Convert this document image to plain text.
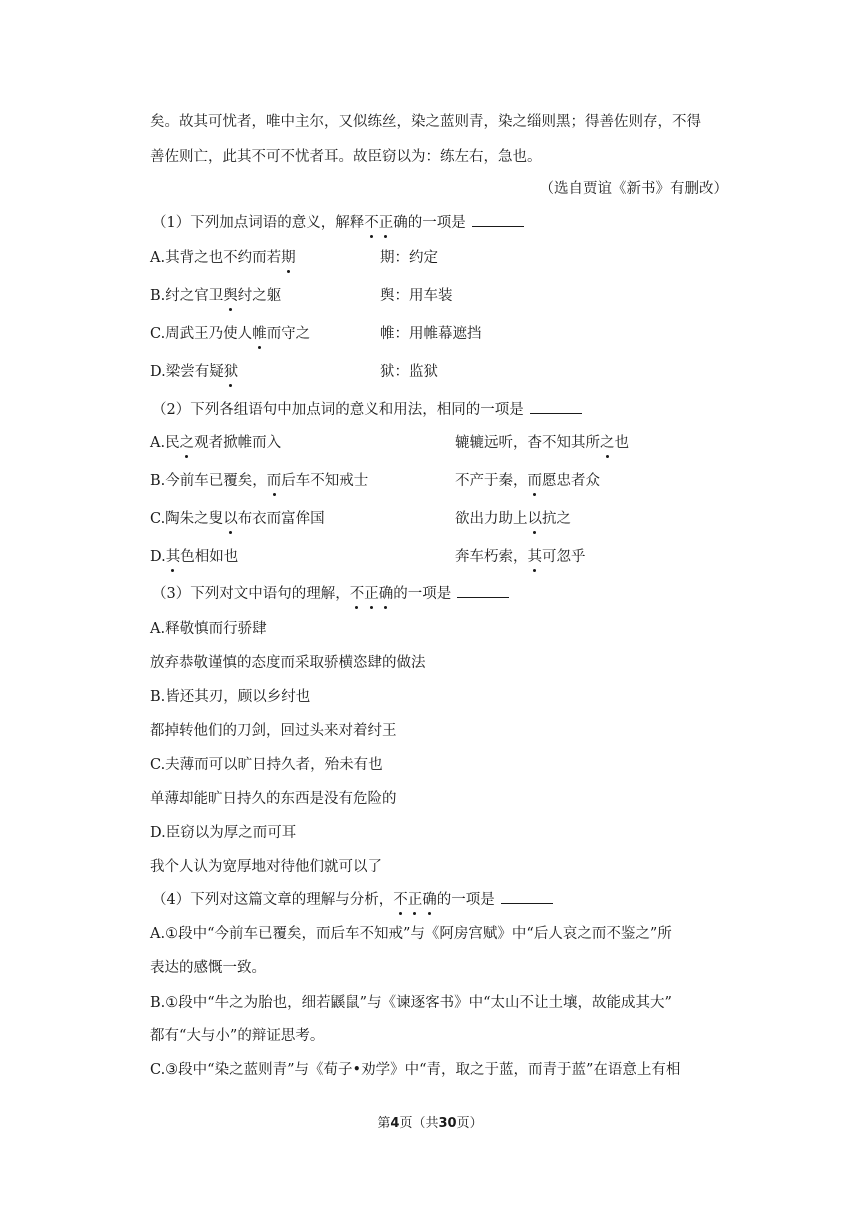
矣。故其可忧者，唯中主尔，又似练丝，染之蓝则青，染之缁则黑；得善佐则存，不得
善佐则亡，此其不可不忧者耳。故臣窃以为：练左右，急也。
（选自贾谊《新书》有删改）
（1）下列加点词语的意义，解释不正确的一项是
A.其背之也不约而若期	期：约定
B.纣之官卫舆纣之躯	舆：用车装
C.周武王乃使人帷而守之	帷：用帷幕遮挡
D.梁尝有疑狱	狱：监狱
（2）下列各组语句中加点词的意义和用法，相同的一项是
A.民之观者掀帷而入	辘辘远听，杳不知其所之也
B.今前车已覆矣，而后车不知戒士	不产于秦，而愿忠者众
C.陶朱之叟以布衣而富侔国	欲出力助上以抗之
D.其色相如也	奔车朽索，其可忽乎
（3）下列对文中语句的理解，不正确的一项是
A.释敬慎而行骄肆
放弃恭敬谨慎的态度而采取骄横恣肆的做法
B.皆还其刃，顾以乡纣也
都掉转他们的刀剑，回过头来对着纣王
C.夫薄而可以旷日持久者，殆未有也
单薄却能旷日持久的东西是没有危险的
D.臣窃以为厚之而可耳
我个人认为宽厚地对待他们就可以了
（4）下列对这篇文章的理解与分析，不正确的一项是
A.①段中“今前车已覆矣，而后车不知戒”与《阿房宫赋》中“后人哀之而不鉴之”所
表达的感慨一致。
B.①段中“牛之为胎也，细若鼷鼠”与《谏逐客书》中“太山不让土壤，故能成其大”
都有“大与小”的辩证思考。
C.③段中“染之蓝则青”与《荀子•劝学》中“青，取之于蓝，而青于蓝”在语意上有相
第4页（共30页）
